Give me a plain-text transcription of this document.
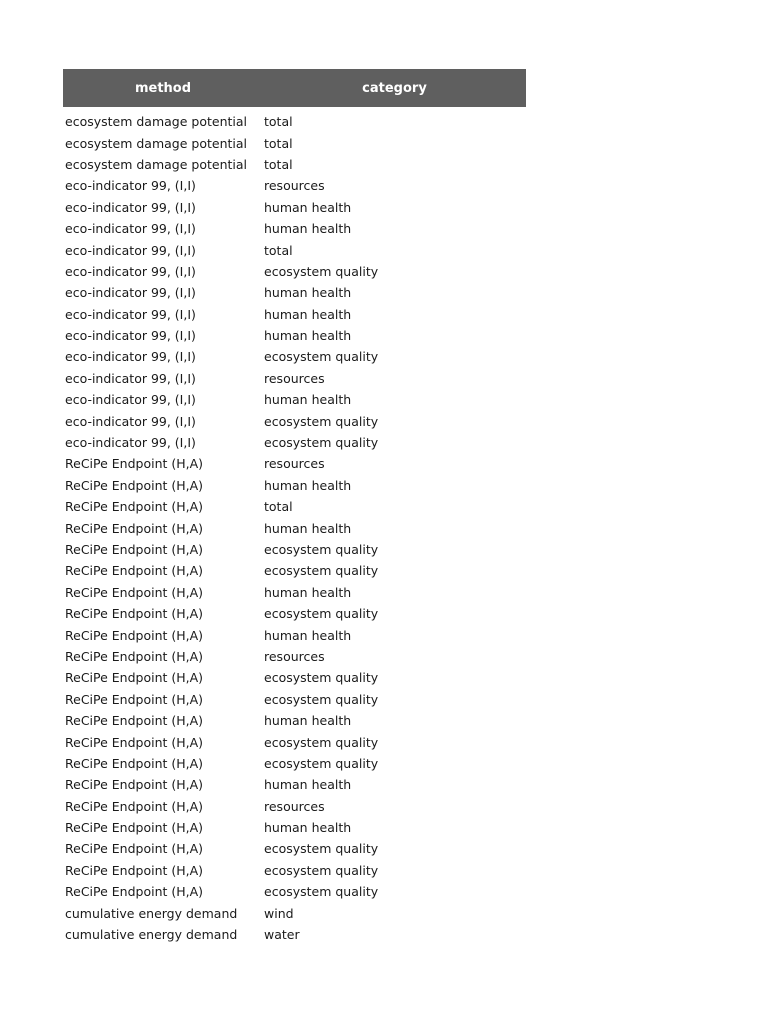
method	category
ecosystem damage potential	total
ecosystem damage potential	total
ecosystem damage potential	total
eco-indicator 99, (I,I)	resources
eco-indicator 99, (I,I)	human health
eco-indicator 99, (I,I)	human health
eco-indicator 99, (I,I)	total
eco-indicator 99, (I,I)	ecosystem quality
eco-indicator 99, (I,I)	human health
eco-indicator 99, (I,I)	human health
eco-indicator 99, (I,I)	human health
eco-indicator 99, (I,I)	ecosystem quality
eco-indicator 99, (I,I)	resources
eco-indicator 99, (I,I)	human health
eco-indicator 99, (I,I)	ecosystem quality
eco-indicator 99, (I,I)	ecosystem quality
ReCiPe Endpoint (H,A)	resources
ReCiPe Endpoint (H,A)	human health
ReCiPe Endpoint (H,A)	total
ReCiPe Endpoint (H,A)	human health
ReCiPe Endpoint (H,A)	ecosystem quality
ReCiPe Endpoint (H,A)	ecosystem quality
ReCiPe Endpoint (H,A)	human health
ReCiPe Endpoint (H,A)	ecosystem quality
ReCiPe Endpoint (H,A)	human health
ReCiPe Endpoint (H,A)	resources
ReCiPe Endpoint (H,A)	ecosystem quality
ReCiPe Endpoint (H,A)	ecosystem quality
ReCiPe Endpoint (H,A)	human health
ReCiPe Endpoint (H,A)	ecosystem quality
ReCiPe Endpoint (H,A)	ecosystem quality
ReCiPe Endpoint (H,A)	human health
ReCiPe Endpoint (H,A)	resources
ReCiPe Endpoint (H,A)	human health
ReCiPe Endpoint (H,A)	ecosystem quality
ReCiPe Endpoint (H,A)	ecosystem quality
ReCiPe Endpoint (H,A)	ecosystem quality
cumulative energy demand	wind
cumulative energy demand	water
